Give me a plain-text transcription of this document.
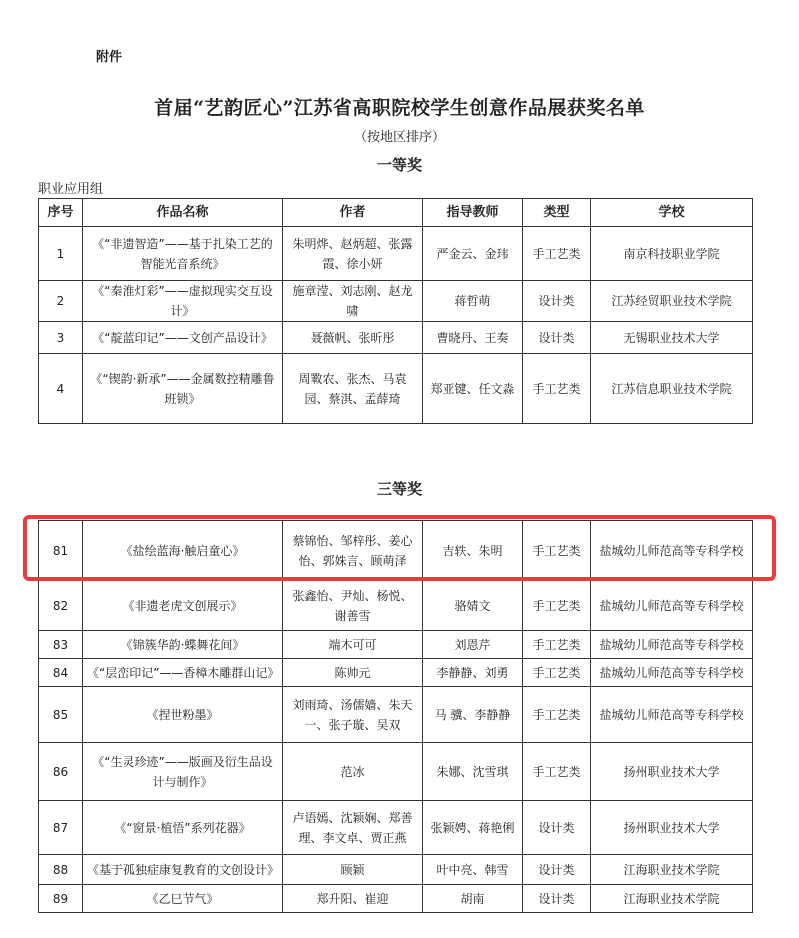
附件
首届“艺韵匠心”江苏省高职院校学生创意作品展获奖名单
（按地区排序）
一等奖
职业应用组
序号	作品名称	作者	指导教师	类型	学校
1	《“非遗智造”——基于扎染工艺的智能光音系统》	朱明烨、赵炳超、张露霞、徐小妍	严金云、金玮	手工艺类	南京科技职业学院
2	《“秦淮灯彩”——虚拟现实交互设计》	施章滢、刘志刚、赵龙啸	蒋哲萌	设计类	江苏经贸职业技术学院
3	《“靛蓝印记”——文创产品设计》	聂薇帆、张昕彤	曹晓丹、王奏	设计类	无锡职业技术大学
4	《“锲韵·新承”——金属数控精雕鲁班锁》	周斁农、张杰、马袁园、蔡淇、孟薛琦	郑亚键、任文淼	手工艺类	江苏信息职业技术学院
三等奖
81	《盐绘蓝海·触启童心》	蔡锦怡、邹梓彤、姜心怡、郭姝言、顾萌泽	吉轶、朱明	手工艺类	盐城幼儿师范高等专科学校
82	《非遗老虎文创展示》	张鑫怡、尹灿、杨悦、谢善雪	骆婧文	手工艺类	盐城幼儿师范高等专科学校
83	《锦簇华韵·蝶舞花间》	端木可可	刘恩芹	手工艺类	盐城幼儿师范高等专科学校
84	《“层峦印记”——香樟木雕群山记》	陈帅元	李静静、刘勇	手工艺类	盐城幼儿师范高等专科学校
85	《捏世粉墨》	刘雨琦、汤儒嫱、朱天一、张子璇、吴双	马 骥、李静静	手工艺类	盐城幼儿师范高等专科学校
86	《“生灵珍迹”——版画及衍生品设计与制作》	范冰	朱娜、沈雪琪	手工艺类	扬州职业技术大学
87	《“窗景·植悟”系列花器》	卢语嫣、沈颖娴、郑善理、李文卓、贾正燕	张颖娉、蒋艳俐	设计类	扬州职业技术大学
88	《基于孤独症康复教育的文创设计》	顾颖	叶中亮、韩雪	设计类	江海职业技术学院
89	《乙巳节气》	郑升阳、崔迎	胡南	设计类	江海职业技术学院
